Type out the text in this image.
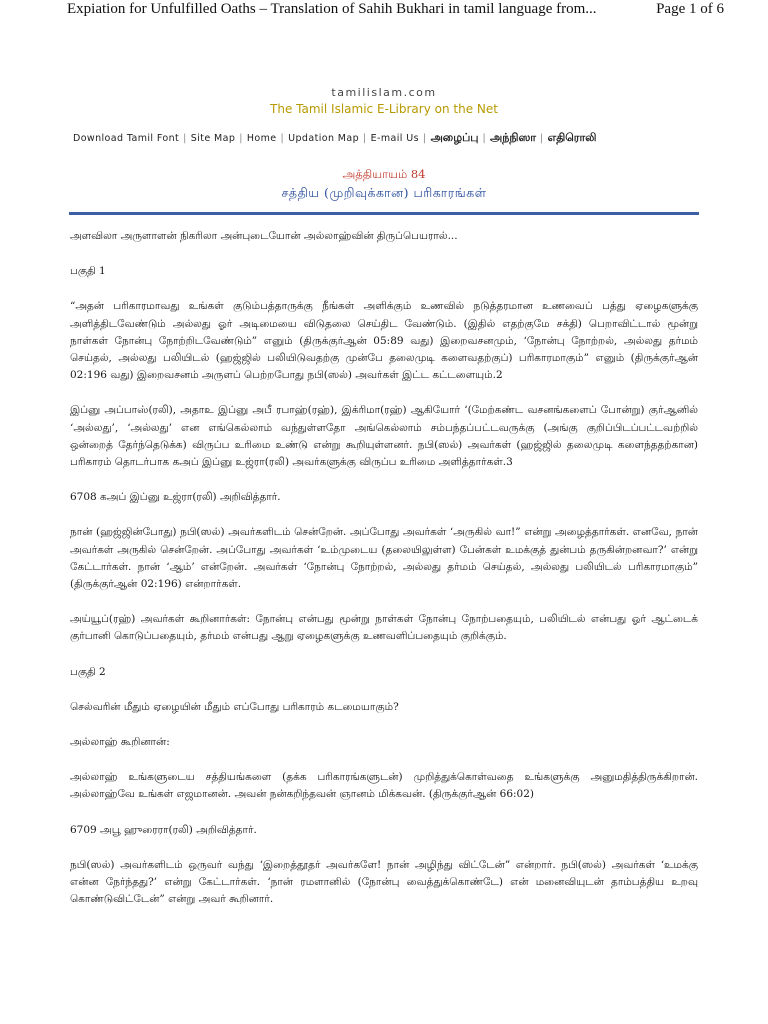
Expiation for Unfulfilled Oaths – Translation of Sahih Bukhari in tamil language from...	Page 1 of 6
tamilislam.com
The Tamil Islamic E-Library on the Net
Download Tamil Font | Site Map | Home | Updation Map | E-mail Us | அழைப்பு | அந்நிஸா | எதிரொலி
அத்தியாயம் 84
சத்திய (முறிவுக்கான) பரிகாரங்கள்

அளவிலா அருளாளன் நிகரிலா அன்புடையோன் அல்லாஹ்வின் திருப்பெயரால்...

பகுதி 1

“அதன் பரிகாரமாவது உங்கள் குடும்பத்தாருக்கு நீங்கள் அளிக்கும் உணவில் நடுத்தரமான உணவைப் பத்து ஏழைகளுக்கு அளித்திடவேண்டும் அல்லது ஓர் அடிமையை விடுதலை செய்திட வேண்டும். (இதில் எதற்குமே சக்தி) பெறாவிட்டால் மூன்று நாள்கள் நோன்பு நோற்றிடவேண்டும்” எனும் (திருக்குர்ஆன் 05:89 வது) இறைவசனமும், ‘நோன்பு நோற்றல், அல்லது தர்மம் செய்தல், அல்லது பலியிடல் (ஹஜ்ஜில் பலியிடுவதற்கு முன்பே தலைமுடி களைவதற்குப்) பரிகாரமாகும்” எனும் (திருக்குர்ஆன் 02:196 வது) இறைவசனம் அருளப் பெற்றபோது நபி(ஸல்) அவர்கள் இட்ட கட்டளையும்.2

இப்னு அப்பாஸ்(ரலி), அதாஉ இப்னு அபீ ரபாஹ்(ரஹ்), இக்ரிமா(ரஹ்) ஆகியோர் ‘(மேற்கண்ட வசனங்களைப் போன்று) குர்ஆனில் ‘அல்லது’, ‘அல்லது’ என எங்கெல்லாம் வந்துள்ளதோ அங்கெல்லாம் சம்பந்தப்பட்டவருக்கு (அங்கு குறிப்பிடப்பட்டவற்றில் ஒன்றைத் தேர்ந்தெடுக்க) விருப்ப உரிமை உண்டு என்று கூறியுள்ளனர். நபி(ஸல்) அவர்கள் (ஹஜ்ஜில் தலைமுடி களைந்ததற்கான) பரிகாரம் தொடர்பாக கஅப் இப்னு உஜ்ரா(ரலி) அவர்களுக்கு விருப்ப உரிமை அளித்தார்கள்.3

6708 கஅப் இப்னு உஜ்ரா(ரலி) அறிவித்தார்.

நான் (ஹஜ்ஜின்போது) நபி(ஸல்) அவர்களிடம் சென்றேன். அப்போது அவர்கள் ‘அருகில் வா!” என்று அழைத்தார்கள். எனவே, நான் அவர்கள் அருகில் சென்றேன். அப்போது அவர்கள் ‘உம்முடைய (தலையிலுள்ள) பேன்கள் உமக்குத் துன்பம் தருகின்றனவா?’ என்று கேட்டார்கள். நான் ‘ஆம்’ என்றேன். அவர்கள் ‘நோன்பு நோற்றல், அல்லது தர்மம் செய்தல், அல்லது பலியிடல் பரிகாரமாகும்” (திருக்குர்ஆன் 02:196) என்றார்கள்.

அய்யூப்(ரஹ்) அவர்கள் கூறினார்கள்: நோன்பு என்பது மூன்று நாள்கள் நோன்பு நோற்பதையும், பலியிடல் என்பது ஓர் ஆட்டைக் குர்பானி கொடுப்பதையும், தர்மம் என்பது ஆறு ஏழைகளுக்கு உணவளிப்பதையும் குறிக்கும்.

பகுதி 2

செல்வரின் மீதும் ஏழையின் மீதும் எப்போது பரிகாரம் கடமையாகும்?

அல்லாஹ் கூறினான்:

அல்லாஹ் உங்களுடைய சத்தியங்களை (தக்க பரிகாரங்களுடன்) முறித்துக்கொள்வதை உங்களுக்கு அனுமதித்திருக்கிறான். அல்லாஹ்வே உங்கள் எஜமானன். அவன் நன்கறிந்தவன் ஞானம் மிக்கவன். (திருக்குர்ஆன் 66:02)

6709 அபூ ஹுரைரா(ரலி) அறிவித்தார்.

நபி(ஸல்) அவர்களிடம் ஒருவர் வந்து ‘இறைத்தூதர் அவர்களே! நான் அழிந்து விட்டேன்” என்றார். நபி(ஸல்) அவர்கள் ‘உமக்கு என்ன நேர்ந்தது?’ என்று கேட்டார்கள். ‘நான் ரமளானில் (நோன்பு வைத்துக்கொண்டே) என் மனைவியுடன் தாம்பத்திய உறவு கொண்டுவிட்டேன்” என்று அவர் கூறினார்.
